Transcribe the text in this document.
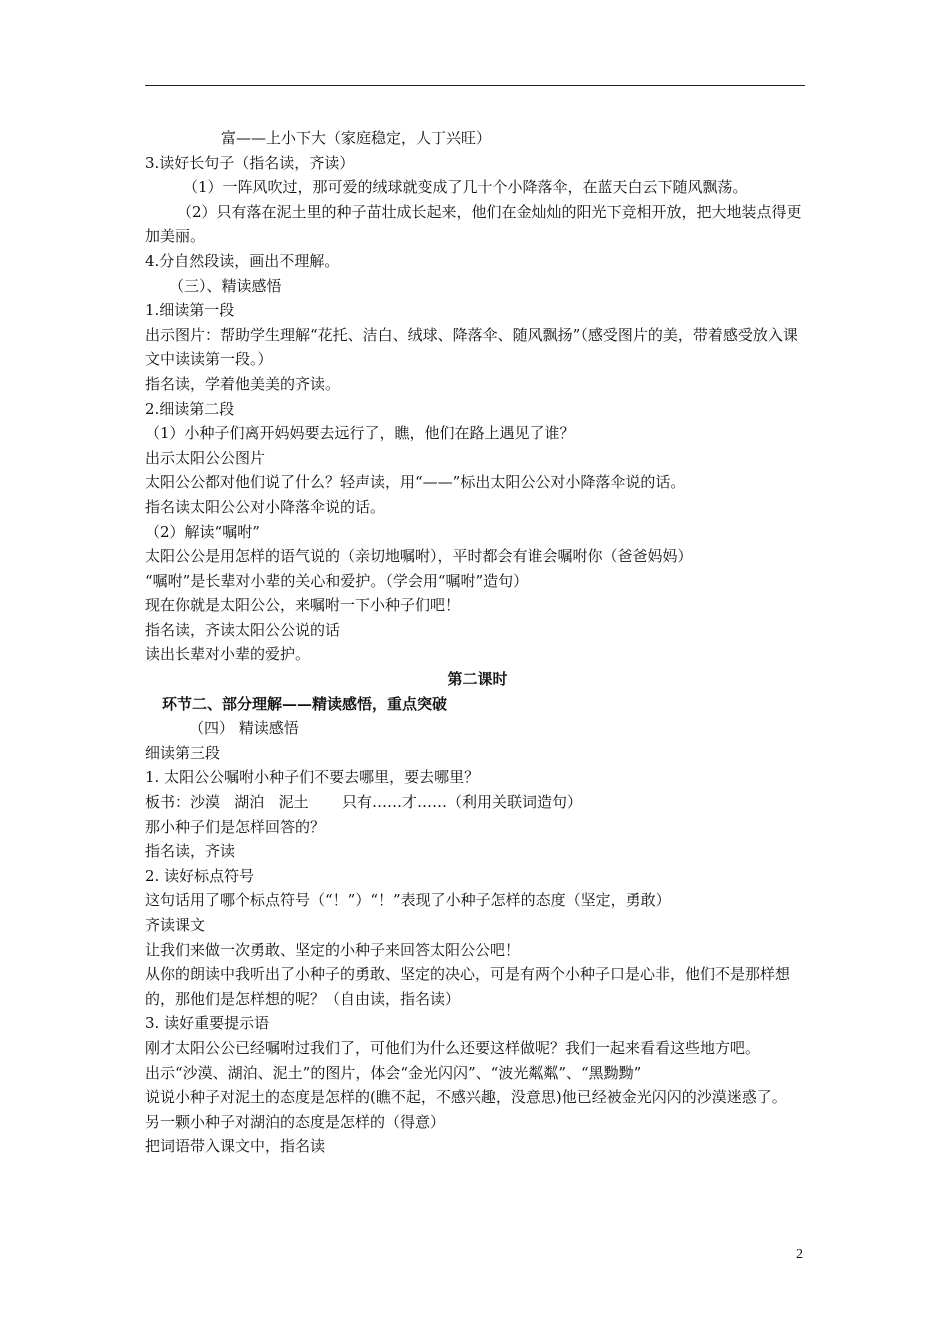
富——上小下大（家庭稳定，人丁兴旺）
3.读好长句子（指名读，齐读）
（1）一阵风吹过，那可爱的绒球就变成了几十个小降落伞，在蓝天白云下随风飘荡。
（2）只有落在泥土里的种子苗壮成长起来，他们在金灿灿的阳光下竞相开放，把大地装点得更加美丽。
4.分自然段读，画出不理解。
（三）、精读感悟
1.细读第一段
出示图片：帮助学生理解“花托、洁白、绒球、降落伞、随风飘扬”（感受图片的美，带着感受放入课文中读读第一段。）
指名读，学着他美美的齐读。
2.细读第二段
（1）小种子们离开妈妈要去远行了，瞧，他们在路上遇见了谁？
出示太阳公公图片
太阳公公都对他们说了什么？轻声读，用“——”标出太阳公公对小降落伞说的话。
指名读太阳公公对小降落伞说的话。
（2）解读“嘱咐”
太阳公公是用怎样的语气说的（亲切地嘱咐），平时都会有谁会嘱咐你（爸爸妈妈）
“嘱咐”是长辈对小辈的关心和爱护。（学会用“嘱咐”造句）
现在你就是太阳公公，来嘱咐一下小种子们吧！
指名读，齐读太阳公公说的话
读出长辈对小辈的爱护。
第二课时
环节二、部分理解——精读感悟，重点突破
（四） 精读感悟
细读第三段
1. 太阳公公嘱咐小种子们不要去哪里，要去哪里？
板书：沙漠   湖泊   泥土       只有……才……（利用关联词造句）
那小种子们是怎样回答的？
指名读，齐读
2. 读好标点符号
这句话用了哪个标点符号（“！”）“！”表现了小种子怎样的态度（坚定，勇敢）
齐读课文
让我们来做一次勇敢、坚定的小种子来回答太阳公公吧！
从你的朗读中我听出了小种子的勇敢、坚定的决心，可是有两个小种子口是心非，他们不是那样想的，那他们是怎样想的呢？（自由读，指名读）
3. 读好重要提示语
刚才太阳公公已经嘱咐过我们了，可他们为什么还要这样做呢？我们一起来看看这些地方吧。
出示“沙漠、湖泊、泥土”的图片，体会“金光闪闪”、“波光粼粼”、“黑黝黝”
说说小种子对泥土的态度是怎样的(瞧不起，不感兴趣，没意思)他已经被金光闪闪的沙漠迷惑了。
另一颗小种子对湖泊的态度是怎样的（得意）
把词语带入课文中，指名读
2
